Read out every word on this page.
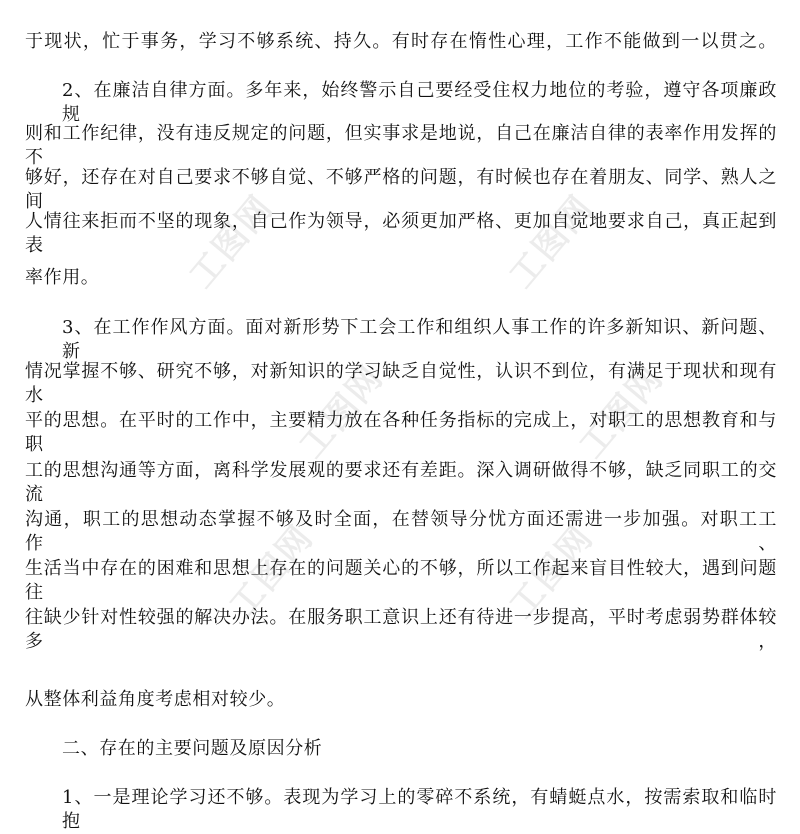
工图网	工图网
工图网	工图网
工图网	工图网
于现状，忙于事务，学习不够系统、持久。有时存在惰性心理，工作不能做到一以贯之。
2、在廉洁自律方面。多年来，始终警示自己要经受住权力地位的考验，遵守各项廉政规
则和工作纪律，没有违反规定的问题，但实事求是地说，自己在廉洁自律的表率作用发挥的不
够好，还存在对自己要求不够自觉、不够严格的问题，有时候也存在着朋友、同学、熟人之间
人情往来拒而不坚的现象，自己作为领导，必须更加严格、更加自觉地要求自己，真正起到表
率作用。
3、在工作作风方面。面对新形势下工会工作和组织人事工作的许多新知识、新问题、新
情况掌握不够、研究不够，对新知识的学习缺乏自觉性，认识不到位，有满足于现状和现有水
平的思想。在平时的工作中，主要精力放在各种任务指标的完成上，对职工的思想教育和与职
工的思想沟通等方面，离科学发展观的要求还有差距。深入调研做得不够，缺乏同职工的交流
沟通，职工的思想动态掌握不够及时全面，在替领导分忧方面还需进一步加强。对职工工作、
生活当中存在的困难和思想上存在的问题关心的不够，所以工作起来盲目性较大，遇到问题往
往缺少针对性较强的解决办法。在服务职工意识上还有待进一步提高，平时考虑弱势群体较多，
从整体利益角度考虑相对较少。
二、存在的主要问题及原因分析
1、一是理论学习还不够。表现为学习上的零碎不系统，有蜻蜓点水，按需索取和临时抱
